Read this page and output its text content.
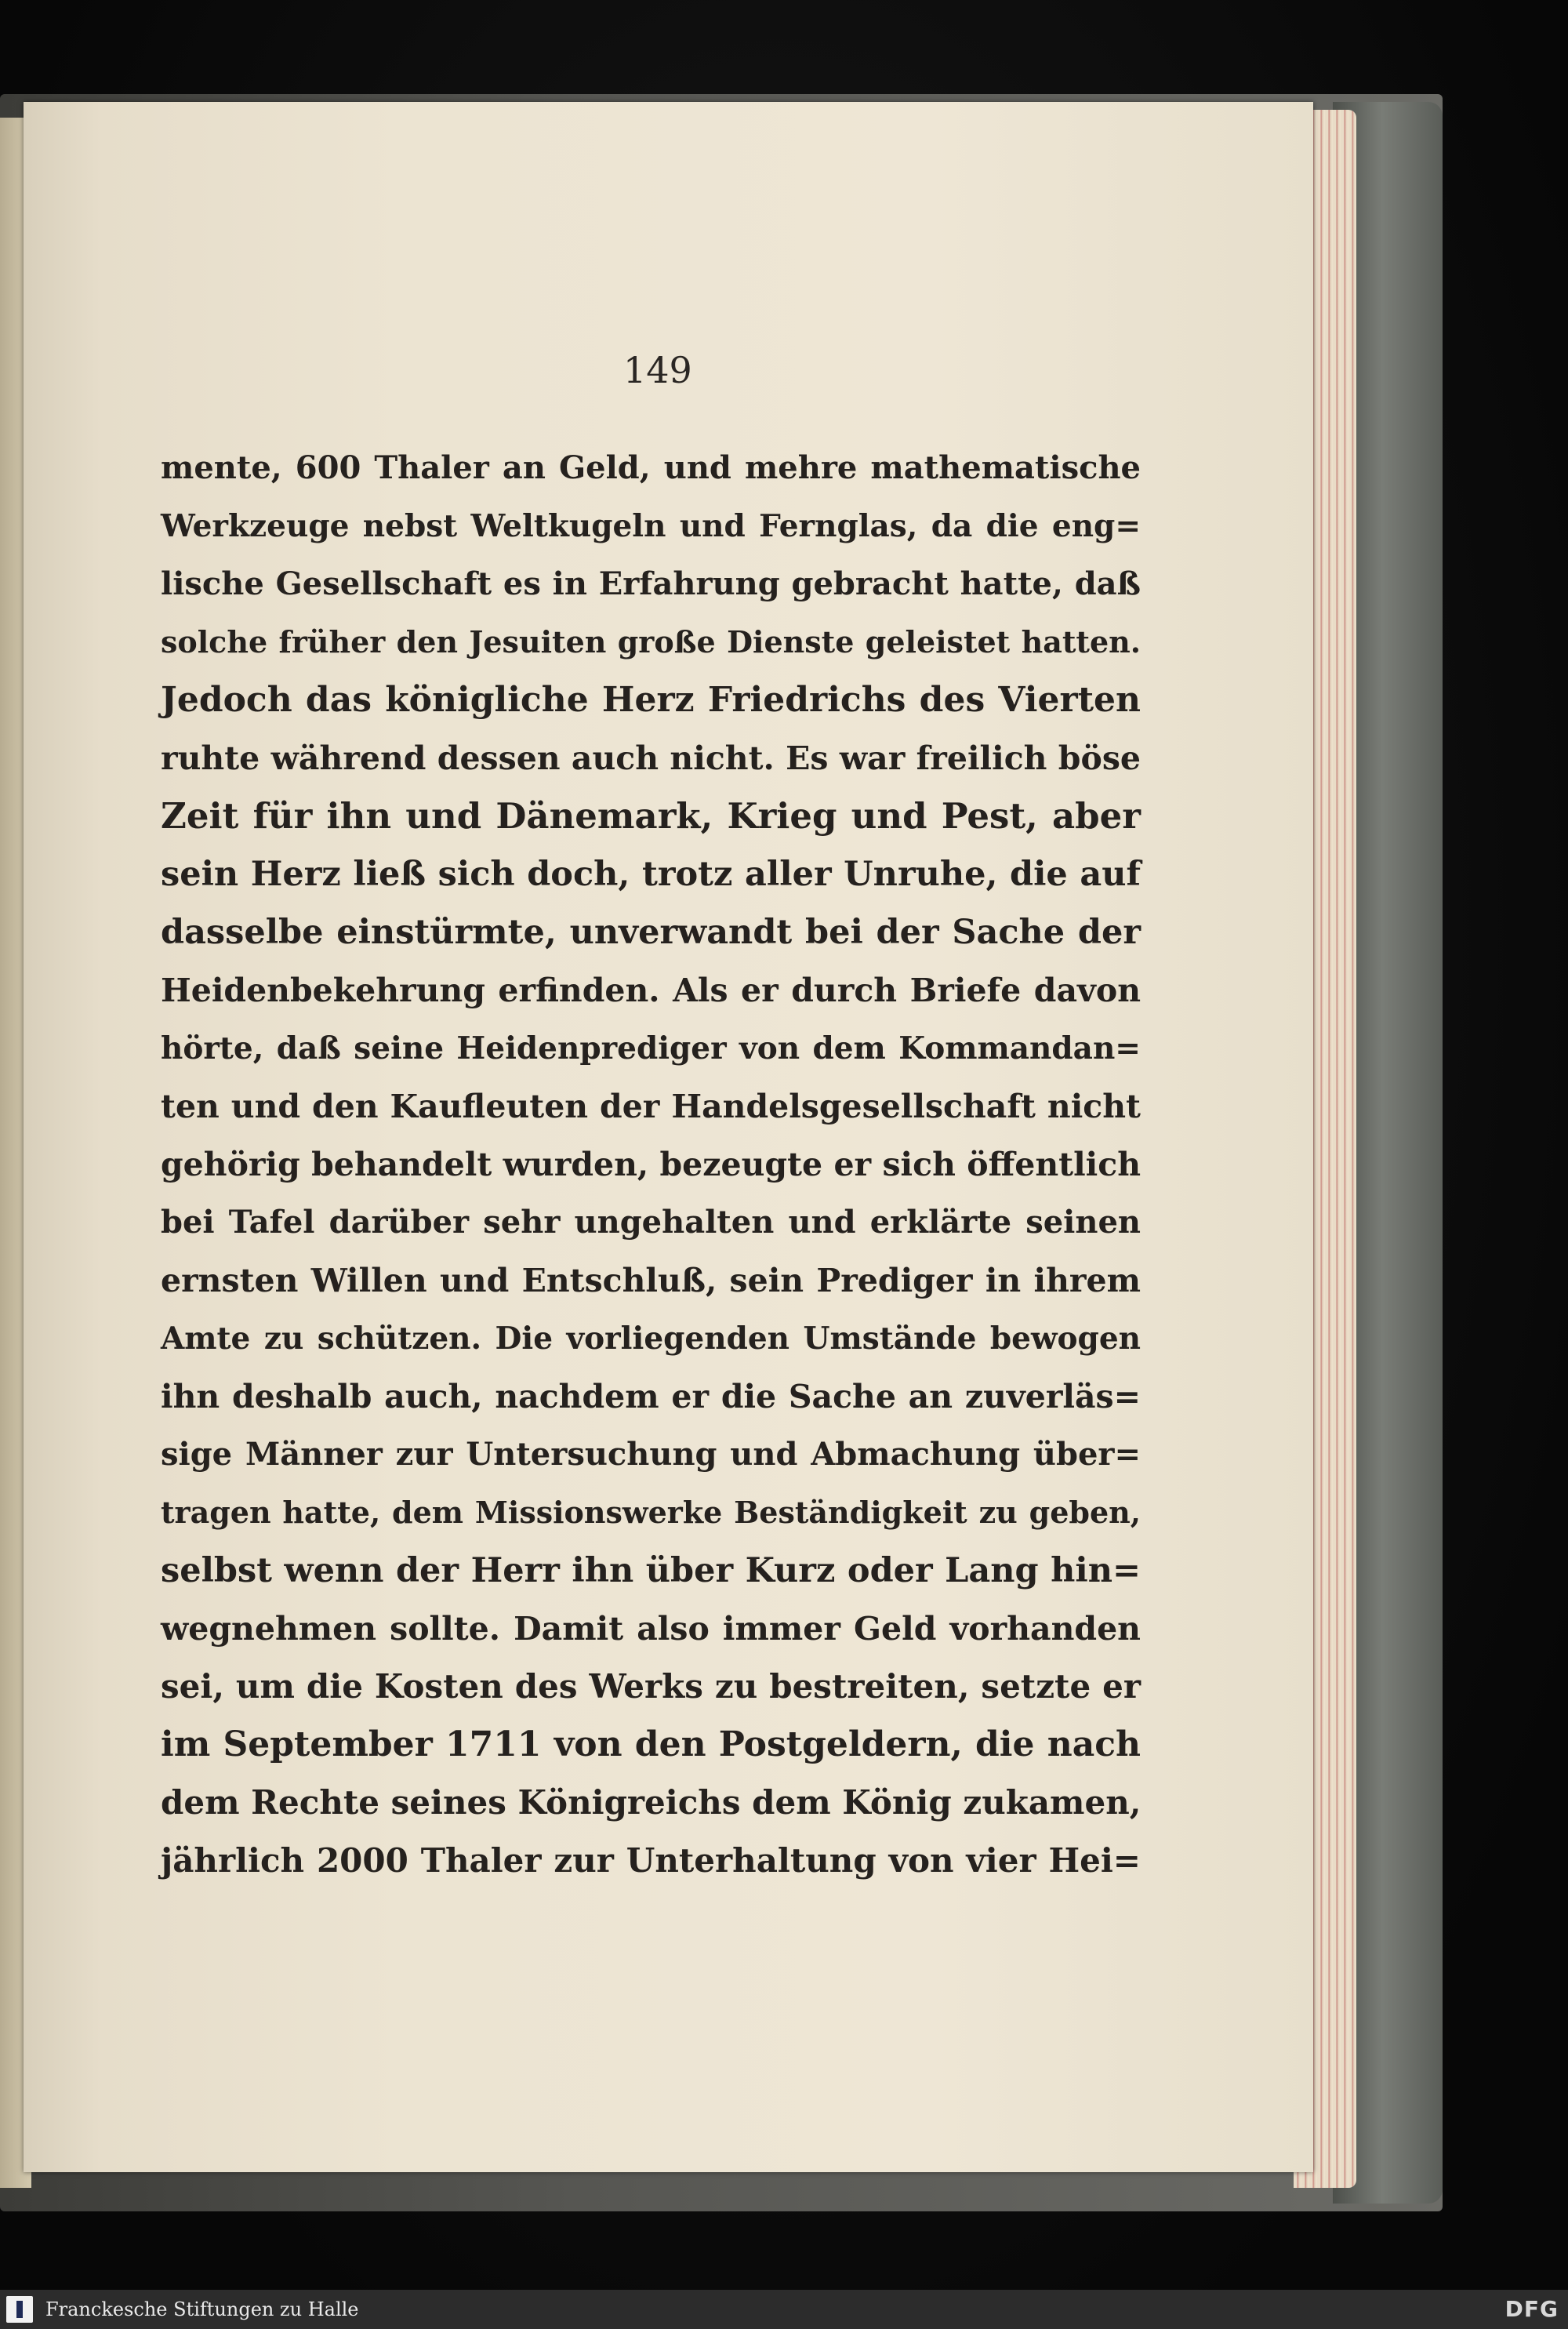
149
mente, 600 Thaler an Geld, und mehre mathematische
Werkzeuge nebst Weltkugeln und Fernglas, da die eng=
lische Gesellschaft es in Erfahrung gebracht hatte, daß
solche früher den Jesuiten große Dienste geleistet hatten.
Jedoch das königliche Herz Friedrichs des Vierten
ruhte während dessen auch nicht. Es war freilich böse
Zeit für ihn und Dänemark, Krieg und Pest, aber
sein Herz ließ sich doch, trotz aller Unruhe, die auf
dasselbe einstürmte, unverwandt bei der Sache der
Heidenbekehrung erfinden. Als er durch Briefe davon
hörte, daß seine Heidenprediger von dem Kommandan=
ten und den Kaufleuten der Handelsgesellschaft nicht
gehörig behandelt wurden, bezeugte er sich öffentlich
bei Tafel darüber sehr ungehalten und erklärte seinen
ernsten Willen und Entschluß, sein Prediger in ihrem
Amte zu schützen. Die vorliegenden Umstände bewogen
ihn deshalb auch, nachdem er die Sache an zuverläs=
sige Männer zur Untersuchung und Abmachung über=
tragen hatte, dem Missionswerke Beständigkeit zu geben,
selbst wenn der Herr ihn über Kurz oder Lang hin=
wegnehmen sollte. Damit also immer Geld vorhanden
sei, um die Kosten des Werks zu bestreiten, setzte er
im September 1711 von den Postgeldern, die nach
dem Rechte seines Königreichs dem König zukamen,
jährlich 2000 Thaler zur Unterhaltung von vier Hei=
Franckesche Stiftungen zu Halle	DFG
